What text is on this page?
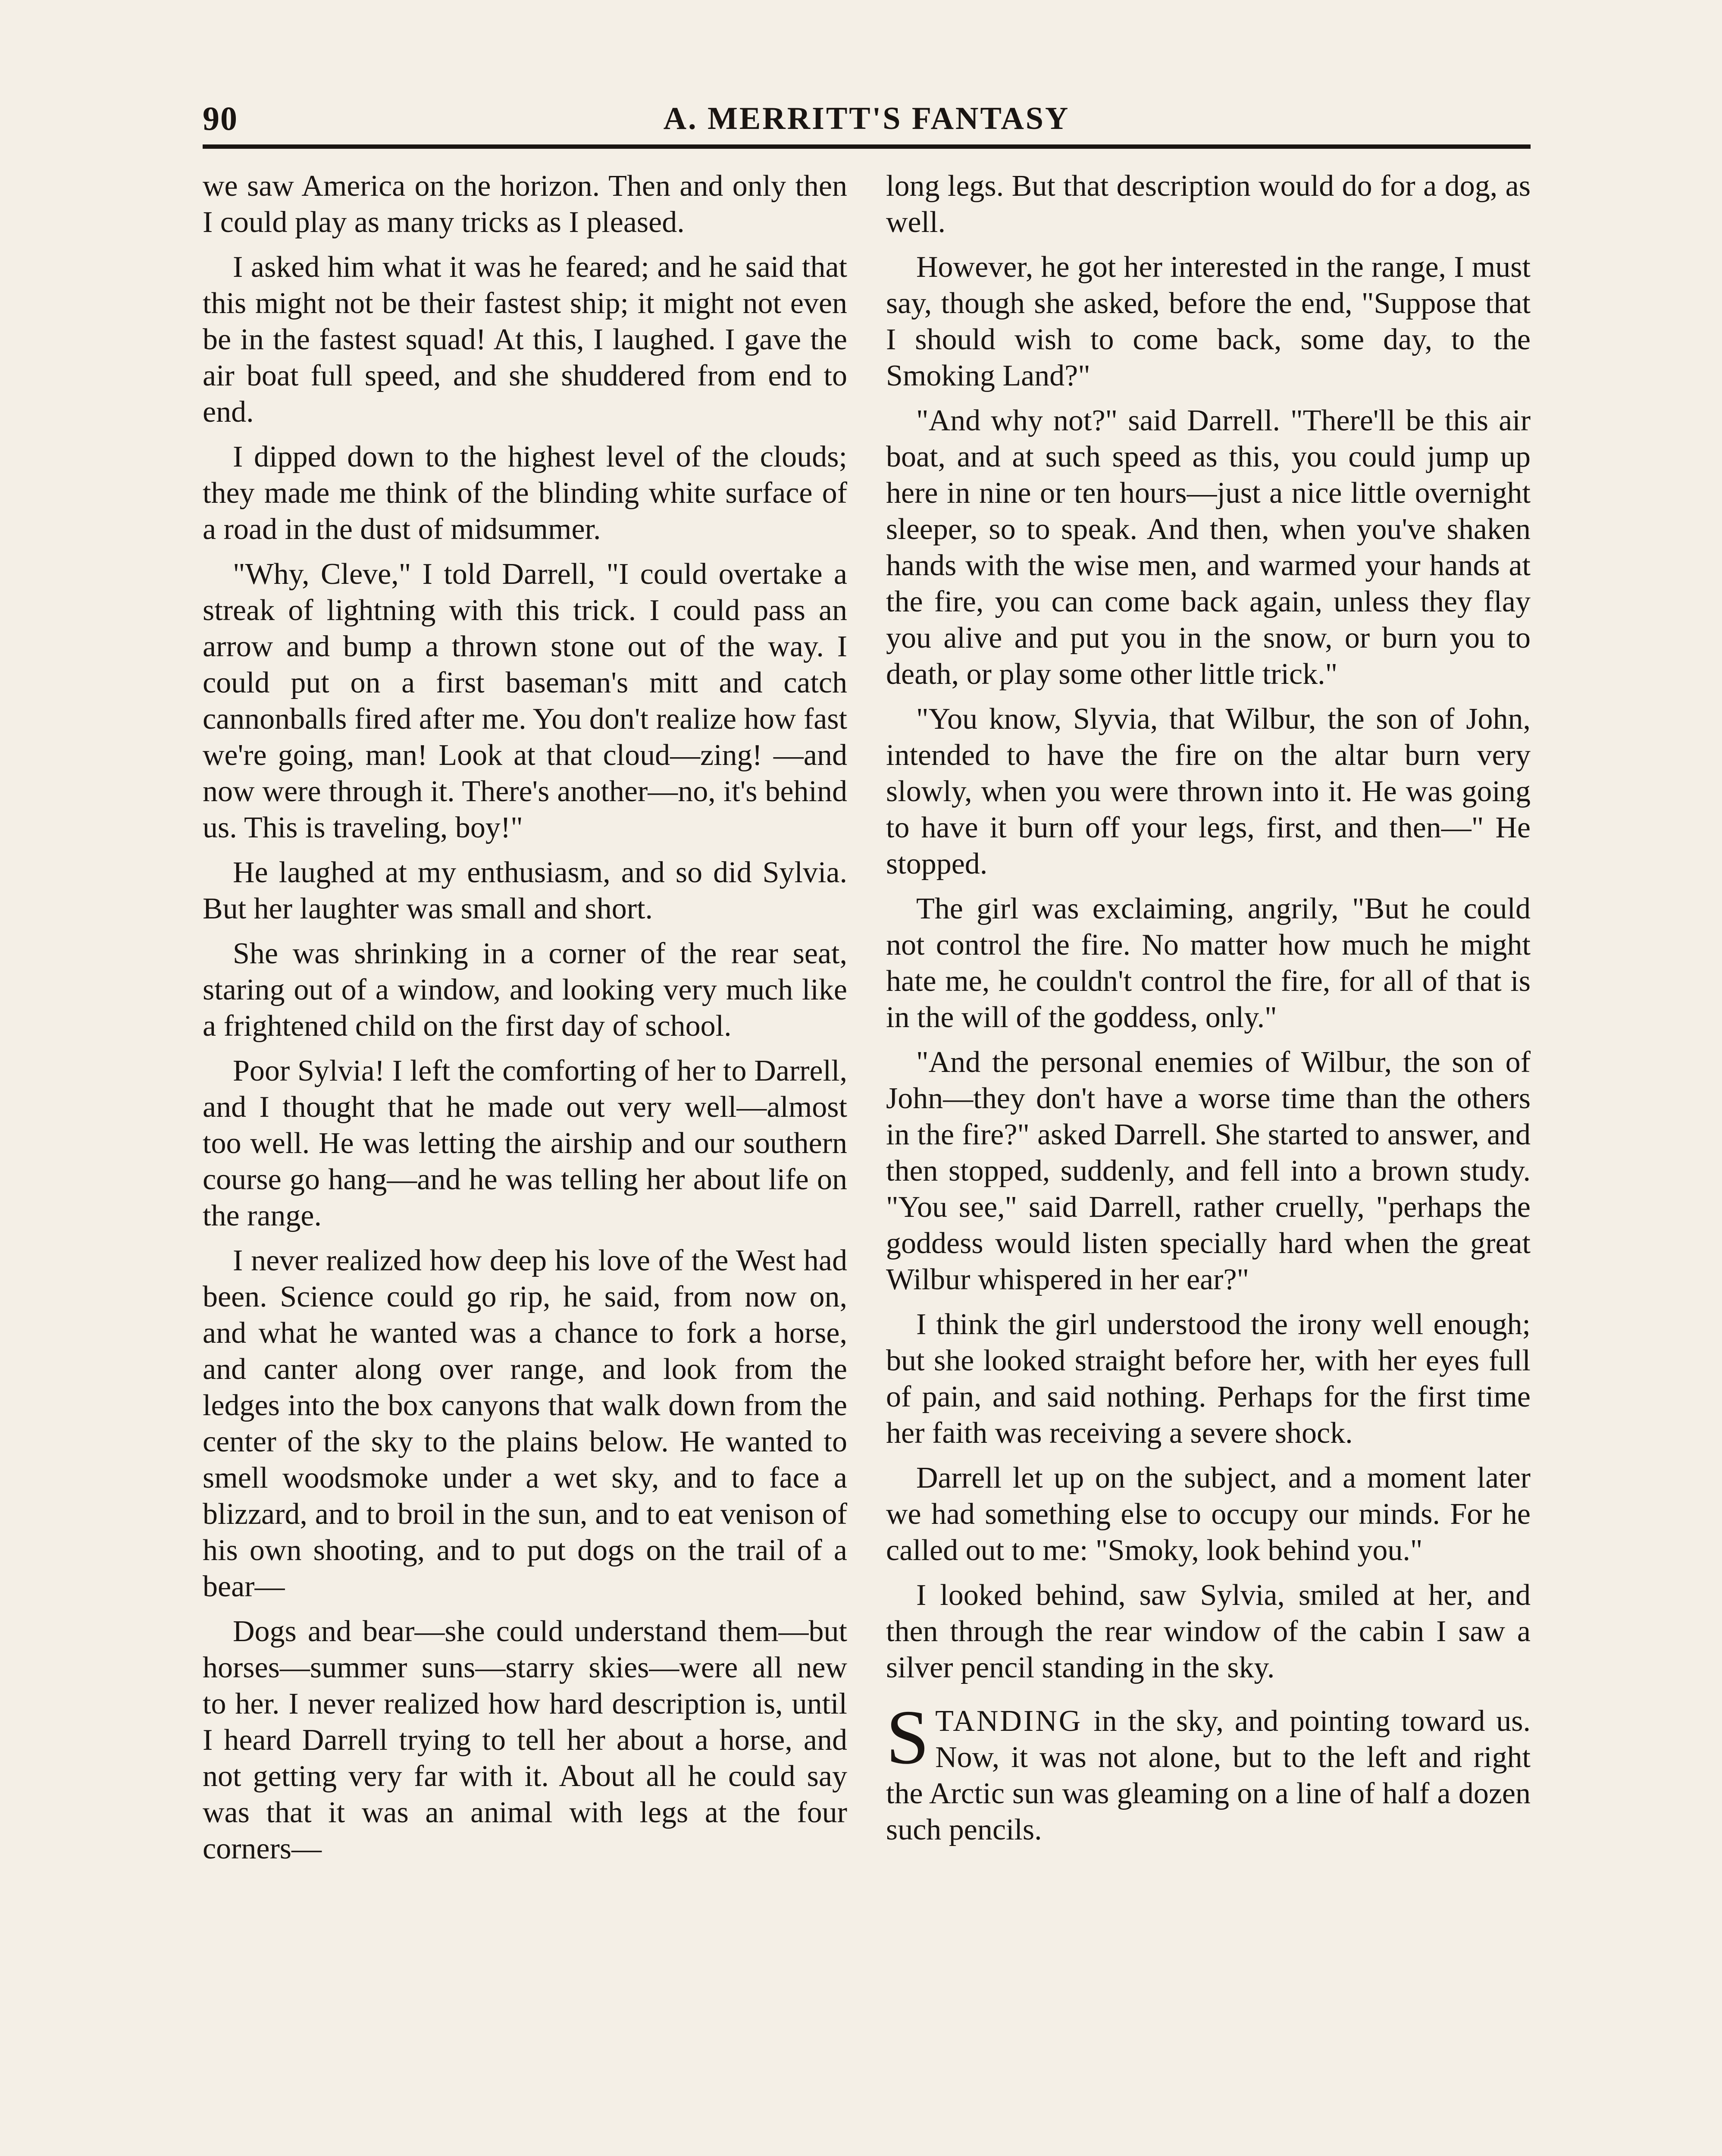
90	A. MERRITT'S FANTASY

we saw America on the horizon. Then and only then I could play as many tricks as I pleased.

I asked him what it was he feared; and he said that this might not be their fastest ship; it might not even be in the fastest squad! At this, I laughed. I gave the air boat full speed, and she shuddered from end to end.

I dipped down to the highest level of the clouds; they made me think of the blinding white surface of a road in the dust of midsummer.

"Why, Cleve," I told Darrell, "I could overtake a streak of lightning with this trick. I could pass an arrow and bump a thrown stone out of the way. I could put on a first baseman's mitt and catch cannonballs fired after me. You don't realize how fast we're going, man! Look at that cloud—zing! —and now were through it. There's another—no, it's behind us. This is traveling, boy!"

He laughed at my enthusiasm, and so did Sylvia. But her laughter was small and short.

She was shrinking in a corner of the rear seat, staring out of a window, and looking very much like a frightened child on the first day of school.

Poor Sylvia! I left the comforting of her to Darrell, and I thought that he made out very well—almost too well. He was letting the airship and our southern course go hang—and he was telling her about life on the range.

I never realized how deep his love of the West had been. Science could go rip, he said, from now on, and what he wanted was a chance to fork a horse, and canter along over range, and look from the ledges into the box canyons that walk down from the center of the sky to the plains below. He wanted to smell woodsmoke under a wet sky, and to face a blizzard, and to broil in the sun, and to eat venison of his own shooting, and to put dogs on the trail of a bear—

Dogs and bear—she could understand them—but horses—summer suns—starry skies—were all new to her. I never realized how hard description is, until I heard Darrell trying to tell her about a horse, and not getting very far with it. About all he could say was that it was an animal with legs at the four corners—

long legs. But that description would do for a dog, as well.

However, he got her interested in the range, I must say, though she asked, before the end, "Suppose that I should wish to come back, some day, to the Smoking Land?"

"And why not?" said Darrell. "There'll be this air boat, and at such speed as this, you could jump up here in nine or ten hours—just a nice little overnight sleeper, so to speak. And then, when you've shaken hands with the wise men, and warmed your hands at the fire, you can come back again, unless they flay you alive and put you in the snow, or burn you to death, or play some other little trick."

"You know, Slyvia, that Wilbur, the son of John, intended to have the fire on the altar burn very slowly, when you were thrown into it. He was going to have it burn off your legs, first, and then—" He stopped.

The girl was exclaiming, angrily, "But he could not control the fire. No matter how much he might hate me, he couldn't control the fire, for all of that is in the will of the goddess, only."

"And the personal enemies of Wilbur, the son of John—they don't have a worse time than the others in the fire?" asked Darrell. She started to answer, and then stopped, suddenly, and fell into a brown study. "You see," said Darrell, rather cruelly, "perhaps the goddess would listen specially hard when the great Wilbur whispered in her ear?"

I think the girl understood the irony well enough; but she looked straight before her, with her eyes full of pain, and said nothing. Perhaps for the first time her faith was receiving a severe shock.

Darrell let up on the subject, and a moment later we had something else to occupy our minds. For he called out to me: "Smoky, look behind you."

I looked behind, saw Sylvia, smiled at her, and then through the rear window of the cabin I saw a silver pencil standing in the sky.

STANDING in the sky, and pointing toward us. Now, it was not alone, but to the left and right the Arctic sun was gleaming on a line of half a dozen such pencils.
